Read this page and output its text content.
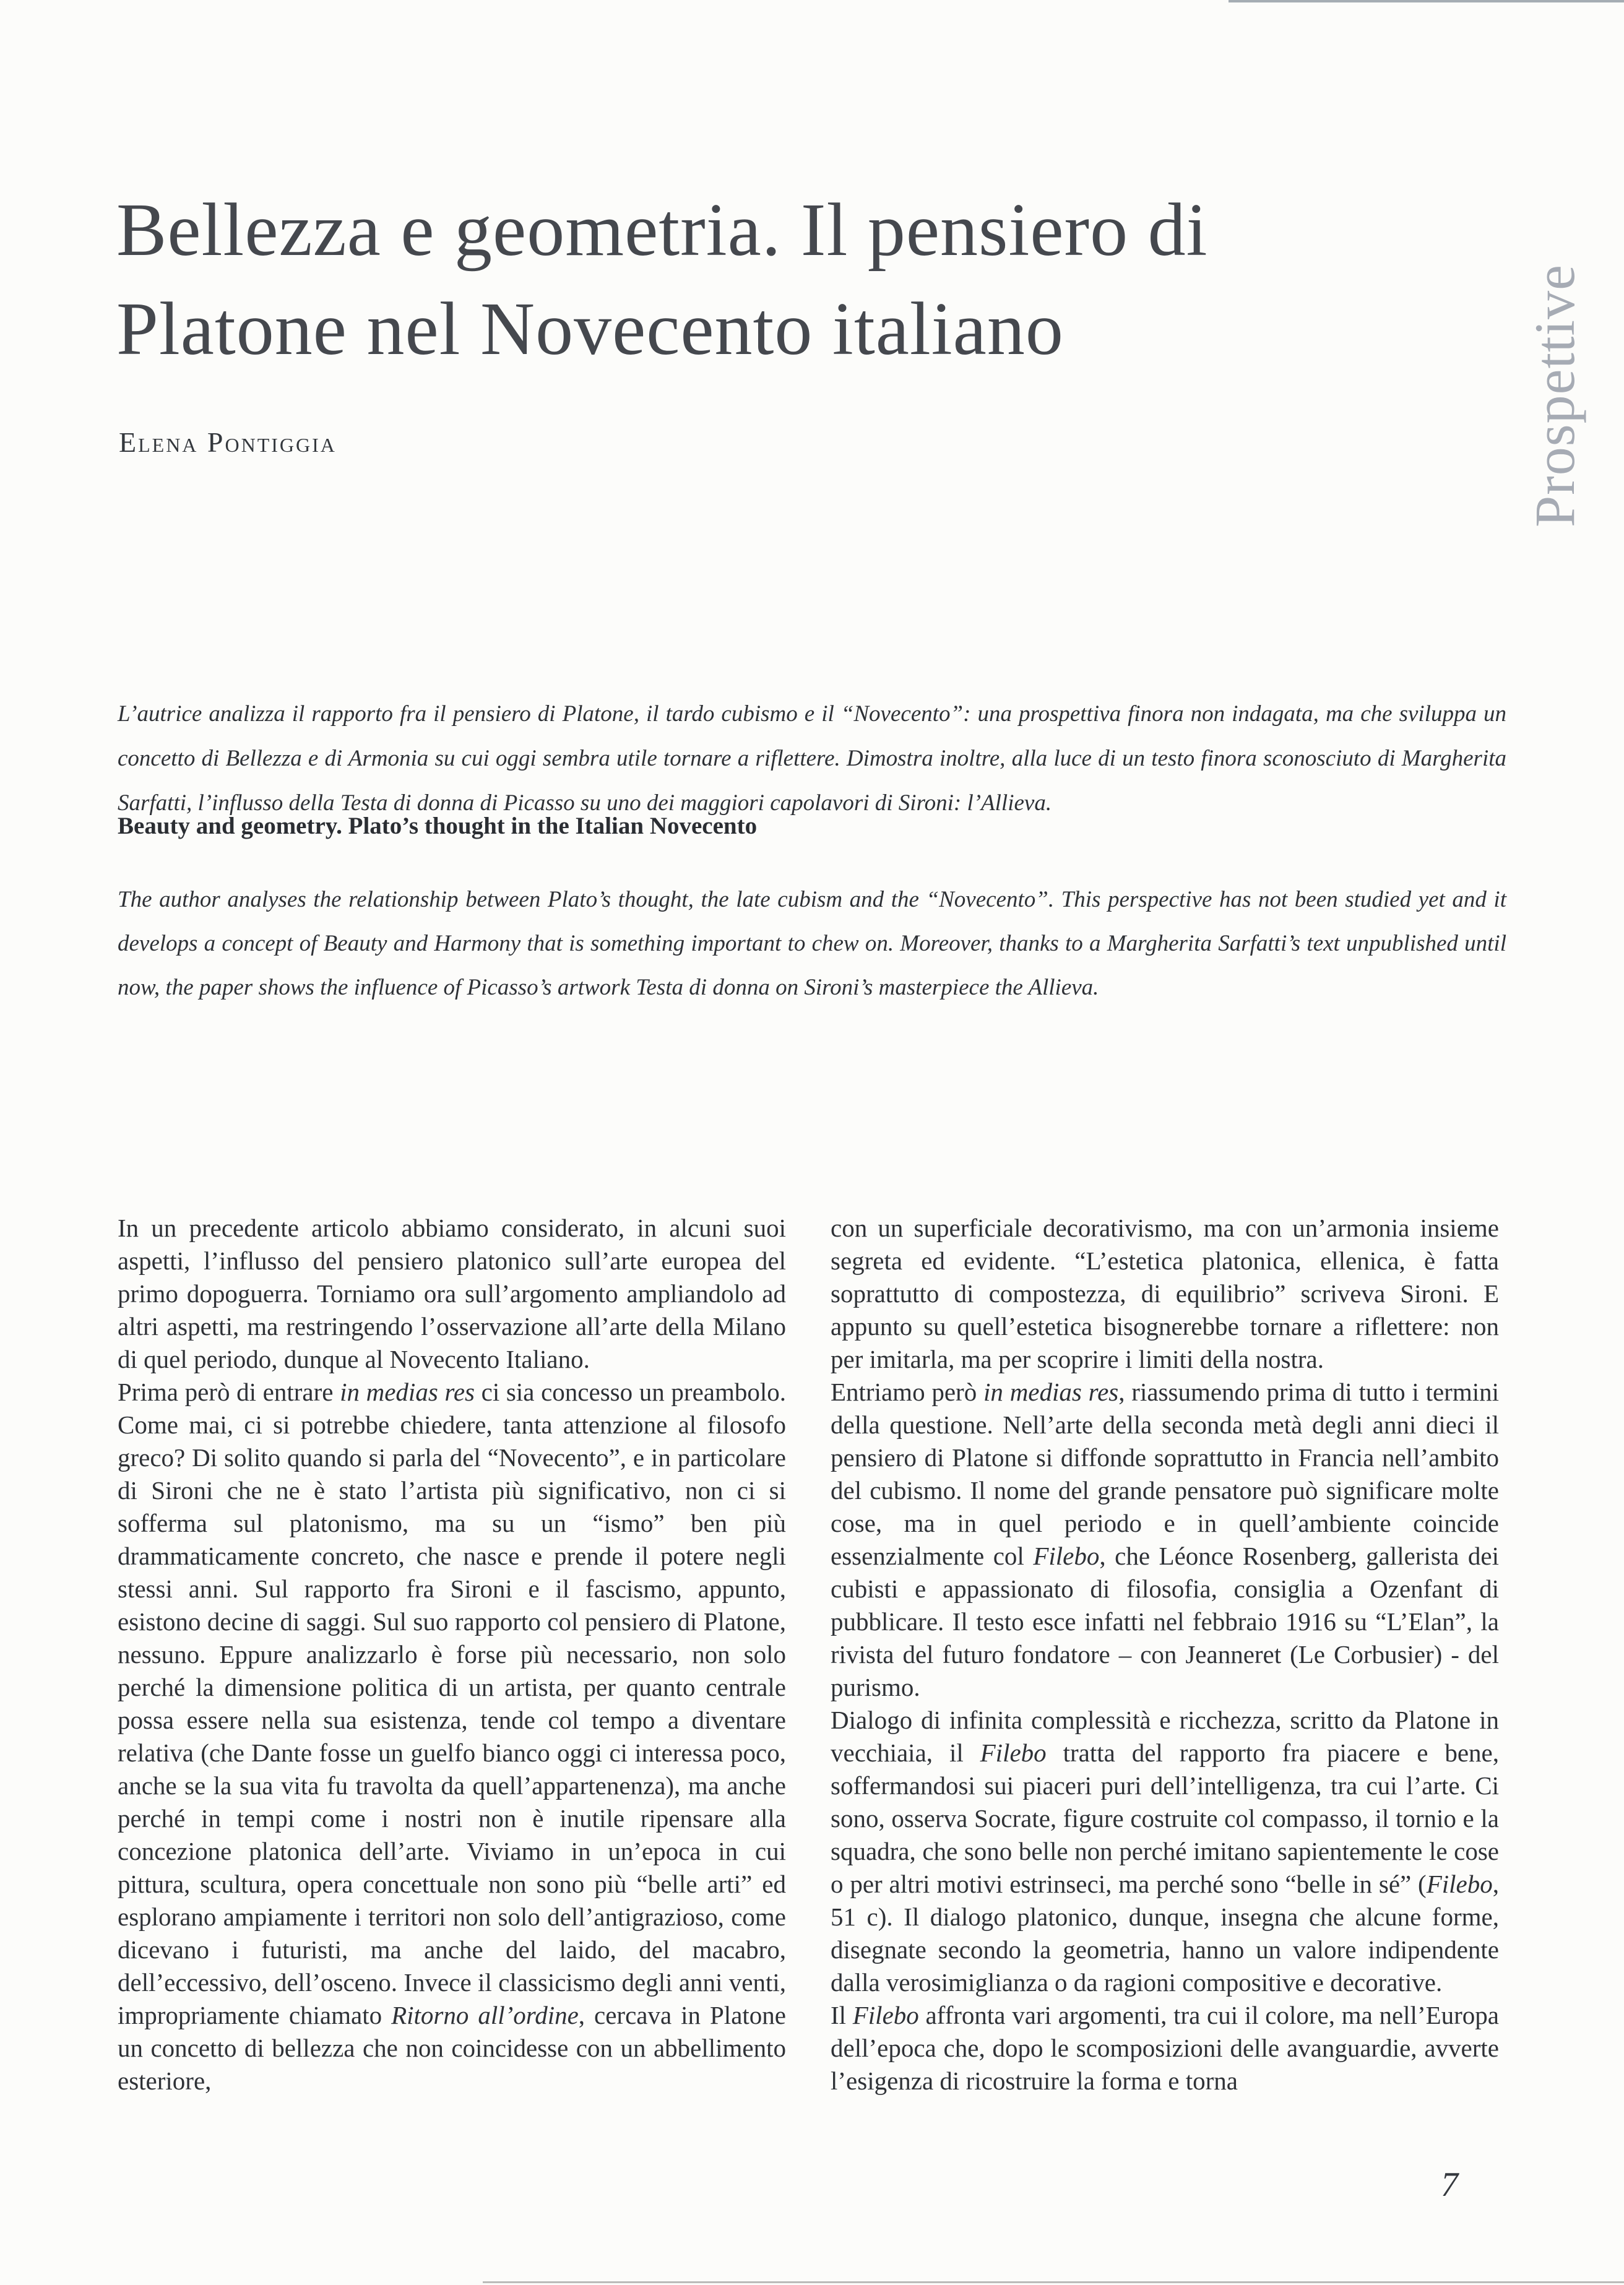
Bellezza e geometria. Il pensiero di Platone nel Novecento italiano
Elena Pontiggia	Prospettive
L’autrice analizza il rapporto fra il pensiero di Platone, il tardo cubismo e il “Novecento”: una prospettiva finora non indagata, ma che sviluppa un concetto di Bellezza e di Armonia su cui oggi sembra utile tornare a riflettere. Dimostra inoltre, alla luce di un testo finora sconosciuto di Margherita Sarfatti, l’influsso della Testa di donna di Picasso su uno dei maggiori capolavori di Sironi: l’Allieva.
Beauty and geometry. Plato’s thought in the Italian Novecento
The author analyses the relationship between Plato’s thought, the late cubism and the “Novecento”. This perspective has not been studied yet and it develops a concept of Beauty and Harmony that is something important to chew on. Moreover, thanks to a Margherita Sarfatti’s text unpublished until now, the paper shows the influence of Picasso’s artwork Testa di donna on Sironi’s masterpiece the Allieva.

In un precedente articolo abbiamo considerato, in alcuni suoi aspetti, l’influsso del pensiero platonico sull’arte europea del primo dopoguerra. Torniamo ora sull’argomento ampliandolo ad altri aspetti, ma restringendo l’osservazione all’arte della Milano di quel periodo, dunque al Novecento Italiano.

Prima però di entrare in medias res ci sia concesso un preambolo. Come mai, ci si potrebbe chiedere, tanta attenzione al filosofo greco? Di solito quando si parla del “Novecento”, e in particolare di Sironi che ne è stato l’artista più significativo, non ci si sofferma sul platonismo, ma su un “ismo” ben più drammaticamente concreto, che nasce e prende il potere negli stessi anni. Sul rapporto fra Sironi e il fascismo, appunto, esistono decine di saggi. Sul suo rapporto col pensiero di Platone, nessuno. Eppure analizzarlo è forse più necessario, non solo perché la dimensione politica di un artista, per quanto centrale possa essere nella sua esistenza, tende col tempo a diventare relativa (che Dante fosse un guelfo bianco oggi ci interessa poco, anche se la sua vita fu travolta da quell’appartenenza), ma anche perché in tempi come i nostri non è inutile ripensare alla concezione platonica dell’arte. Viviamo in un’epoca in cui pittura, scultura, opera concettuale non sono più “belle arti” ed esplorano ampiamente i territori non solo dell’antigrazioso, come dicevano i futuristi, ma anche del laido, del macabro, dell’eccessivo, dell’osceno. Invece il classicismo degli anni venti, impropriamente chiamato Ritorno all’ordine, cercava in Platone un concetto di bellezza che non coincidesse con un abbellimento esteriore,

con un superficiale decorativismo, ma con un’armonia insieme segreta ed evidente. “L’estetica platonica, ellenica, è fatta soprattutto di compostezza, di equilibrio” scriveva Sironi. E appunto su quell’estetica bisognerebbe tornare a riflettere: non per imitarla, ma per scoprire i limiti della nostra.

Entriamo però in medias res, riassumendo prima di tutto i termini della questione. Nell’arte della seconda metà degli anni dieci il pensiero di Platone si diffonde soprattutto in Francia nell’ambito del cubismo. Il nome del grande pensatore può significare molte cose, ma in quel periodo e in quell’ambiente coincide essenzialmente col Filebo, che Léonce Rosenberg, gallerista dei cubisti e appassionato di filosofia, consiglia a Ozenfant di pubblicare. Il testo esce infatti nel febbraio 1916 su “L’Elan”, la rivista del futuro fondatore – con Jeanneret (Le Corbusier) - del purismo.

Dialogo di infinita complessità e ricchezza, scritto da Platone in vecchiaia, il Filebo tratta del rapporto fra piacere e bene, soffermandosi sui piaceri puri dell’intelligenza, tra cui l’arte. Ci sono, osserva Socrate, figure costruite col compasso, il tornio e la squadra, che sono belle non perché imitano sapientemente le cose o per altri motivi estrinseci, ma perché sono “belle in sé” (Filebo, 51 c). Il dialogo platonico, dunque, insegna che alcune forme, disegnate secondo la geometria, hanno un valore indipendente dalla verosimiglianza o da ragioni compositive e decorative.

Il Filebo affronta vari argomenti, tra cui il colore, ma nell’Europa dell’epoca che, dopo le scomposizioni delle avanguardie, avverte l’esigenza di ricostruire la forma e torna

7
